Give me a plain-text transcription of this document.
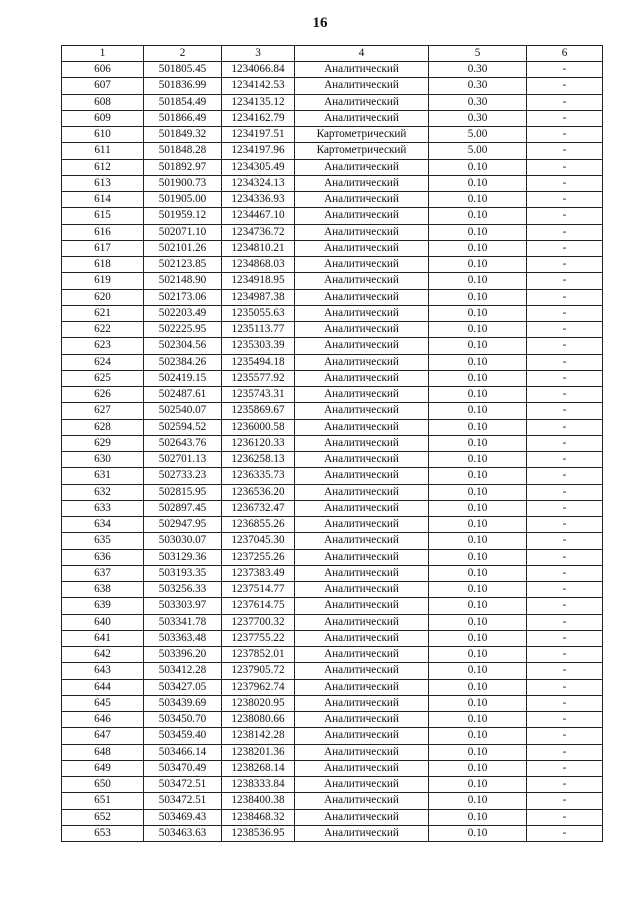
16
1	2	3	4	5	6
606	501805.45	1234066.84	Аналитический	0.30	-
607	501836.99	1234142.53	Аналитический	0.30	-
608	501854.49	1234135.12	Аналитический	0.30	-
609	501866.49	1234162.79	Аналитический	0.30	-
610	501849.32	1234197.51	Картометрический	5.00	-
611	501848.28	1234197.96	Картометрический	5.00	-
612	501892.97	1234305.49	Аналитический	0.10	-
613	501900.73	1234324.13	Аналитический	0.10	-
614	501905.00	1234336.93	Аналитический	0.10	-
615	501959.12	1234467.10	Аналитический	0.10	-
616	502071.10	1234736.72	Аналитический	0.10	-
617	502101.26	1234810.21	Аналитический	0.10	-
618	502123.85	1234868.03	Аналитический	0.10	-
619	502148.90	1234918.95	Аналитический	0.10	-
620	502173.06	1234987.38	Аналитический	0.10	-
621	502203.49	1235055.63	Аналитический	0.10	-
622	502225.95	1235113.77	Аналитический	0.10	-
623	502304.56	1235303.39	Аналитический	0.10	-
624	502384.26	1235494.18	Аналитический	0.10	-
625	502419.15	1235577.92	Аналитический	0.10	-
626	502487.61	1235743.31	Аналитический	0.10	-
627	502540.07	1235869.67	Аналитический	0.10	-
628	502594.52	1236000.58	Аналитический	0.10	-
629	502643.76	1236120.33	Аналитический	0.10	-
630	502701.13	1236258.13	Аналитический	0.10	-
631	502733.23	1236335.73	Аналитический	0.10	-
632	502815.95	1236536.20	Аналитический	0.10	-
633	502897.45	1236732.47	Аналитический	0.10	-
634	502947.95	1236855.26	Аналитический	0.10	-
635	503030.07	1237045.30	Аналитический	0.10	-
636	503129.36	1237255.26	Аналитический	0.10	-
637	503193.35	1237383.49	Аналитический	0.10	-
638	503256.33	1237514.77	Аналитический	0.10	-
639	503303.97	1237614.75	Аналитический	0.10	-
640	503341.78	1237700.32	Аналитический	0.10	-
641	503363.48	1237755.22	Аналитический	0.10	-
642	503396.20	1237852.01	Аналитический	0.10	-
643	503412.28	1237905.72	Аналитический	0.10	-
644	503427.05	1237962.74	Аналитический	0.10	-
645	503439.69	1238020.95	Аналитический	0.10	-
646	503450.70	1238080.66	Аналитический	0.10	-
647	503459.40	1238142.28	Аналитический	0.10	-
648	503466.14	1238201.36	Аналитический	0.10	-
649	503470.49	1238268.14	Аналитический	0.10	-
650	503472.51	1238333.84	Аналитический	0.10	-
651	503472.51	1238400.38	Аналитический	0.10	-
652	503469.43	1238468.32	Аналитический	0.10	-
653	503463.63	1238536.95	Аналитический	0.10	-
